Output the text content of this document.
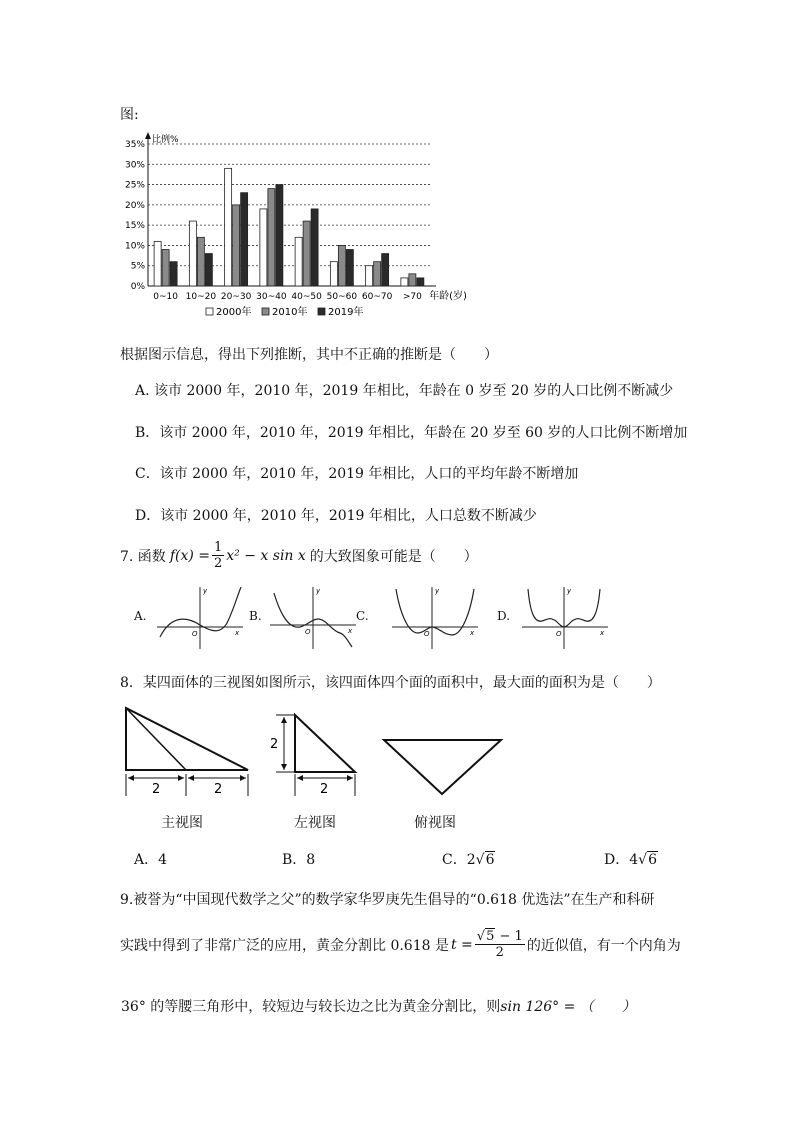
图:
0%
5%
10%
15%
20%
25%
30%
35% 比例%
0~10 10~20 20~30 30~40 40~50 50~60 60~70 >70 年龄(岁)
2000年 2010年 2019年
根据图示信息，得出下列推断，其中不正确的推断是（　　）
A. 该市 2000 年，2010 年，2019 年相比，年龄在 0 岁至 20 岁的人口比例不断减少
B．该市 2000 年，2010 年，2019 年相比，年龄在 20 岁至 60 岁的人口比例不断增加
C．该市 2000 年，2010 年，2019 年相比，人口的平均年龄不断增加
D．该市 2000 年，2010 年，2019 年相比，人口总数不断减少
7. 函数 $f(x) = \frac{1}{2} x^2 - x$ sin x 的大致图象可能是（　　）
A.
y
x
O
B.
y
x
O
C.
y
x
O
D.
y
x
O
8．某四面体的三视图如图所示，该四面体四个面的面积中，最大面的面积为是（　　）
2	2
2
2
主视图	左视图	俯视图
A．4	B．8	C．2√6	D．4√6
9.被誉为“中国现代数学之父”的数学家华罗庚先生倡导的“0.618 优选法”在生产和科研
实践中得到了非常广泛的应用，黄金分割比 0.618 是 $t = \frac{√5 - 1}{2}$ 的近似值，有一个内角为
36° 的等腰三角形中，较短边与较长边之比为黄金分割比，则sin 126° = （　　）
